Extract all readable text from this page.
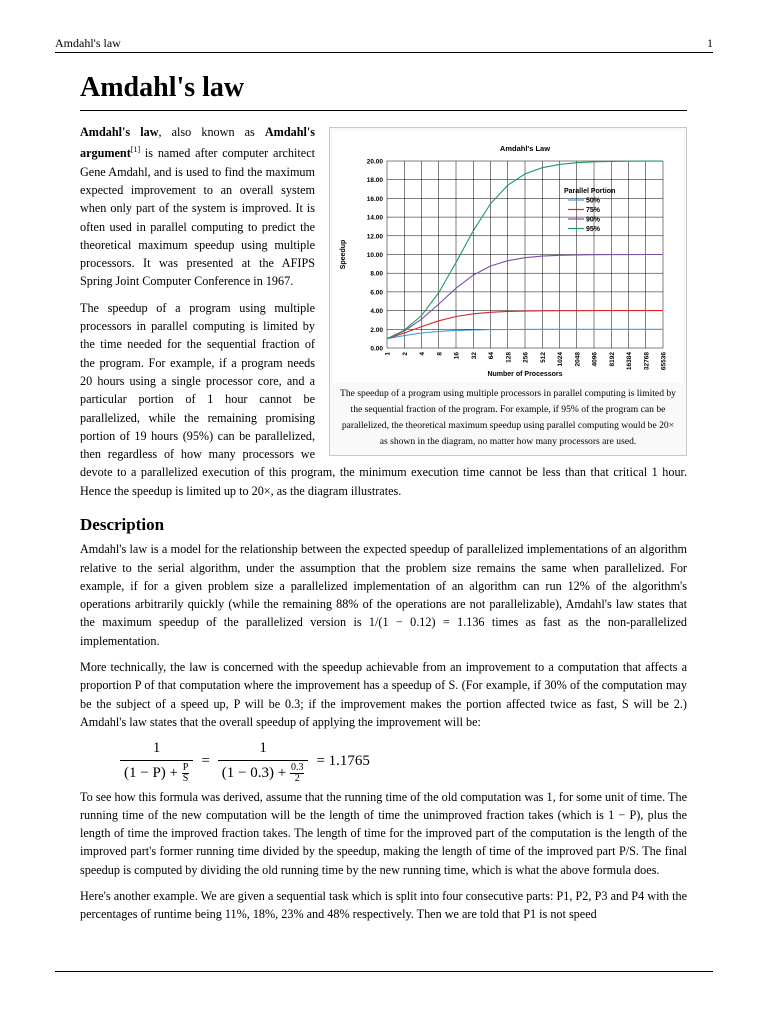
Amdahl's law	1
Amdahl's law
0.00
2.00
4.00
6.00
8.00
10.00
12.00
14.00
16.00
18.00
20.00
1 2 4 8 16 32 64 128 256 512 1024 2048 4096 8192 16384 32768 65536
Amdahl's Law
Number of Processors
Speedup
Parallel Portion
50%
75%
90%
95%
The speedup of a program using multiple processors in parallel computing is limited by the sequential fraction of the program. For example, if 95% of the program can be parallelized, the theoretical maximum speedup using parallel computing would be 20× as shown in the diagram, no matter how many processors are used.

Amdahl's law, also known as Amdahl's argument[1] is named after computer architect Gene Amdahl, and is used to find the maximum expected improvement to an overall system when only part of the system is improved. It is often used in parallel computing to predict the theoretical maximum speedup using multiple processors. It was presented at the AFIPS Spring Joint Computer Conference in 1967.

The speedup of a program using multiple processors in parallel computing is limited by the time needed for the sequential fraction of the program. For example, if a program needs 20 hours using a single processor core, and a particular portion of 1 hour cannot be parallelized, while the remaining promising portion of 19 hours (95%) can be parallelized, then regardless of how many processors we devote to a parallelized execution of this program, the minimum execution time cannot be less than that critical 1 hour. Hence the speedup is limited up to 20×, as the diagram illustrates.

Description

Amdahl's law is a model for the relationship between the expected speedup of parallelized implementations of an algorithm relative to the serial algorithm, under the assumption that the problem size remains the same when parallelized. For example, if for a given problem size a parallelized implementation of an algorithm can run 12% of the algorithm's operations arbitrarily quickly (while the remaining 88% of the operations are not parallelizable), Amdahl's law states that the maximum speedup of the parallelized version is 1/(1 − 0.12) = 1.136 times as fast as the non-parallelized implementation.

More technically, the law is concerned with the speedup achievable from an improvement to a computation that affects a proportion P of that computation where the improvement has a speedup of S. (For example, if 30% of the computation may be the subject of a speed up, P will be 0.3; if the improvement makes the portion affected twice as fast, S will be 2.) Amdahl's law states that the overall speedup of applying the improvement will be:

$\frac{1}{(1 - P) + \frac{P}{S}} = \frac{1}{(1 - 0.3) + \frac{0.3}{2}} = 1.1765$

To see how this formula was derived, assume that the running time of the old computation was 1, for some unit of time. The running time of the new computation will be the length of time the unimproved fraction takes (which is 1 − P), plus the length of time the improved fraction takes. The length of time for the improved part of the computation is the length of the improved part's former running time divided by the speedup, making the length of time of the improved part P/S. The final speedup is computed by dividing the old running time by the new running time, which is what the above formula does.

Here's another example. We are given a sequential task which is split into four consecutive parts: P1, P2, P3 and P4 with the percentages of runtime being 11%, 18%, 23% and 48% respectively. Then we are told that P1 is not speed
